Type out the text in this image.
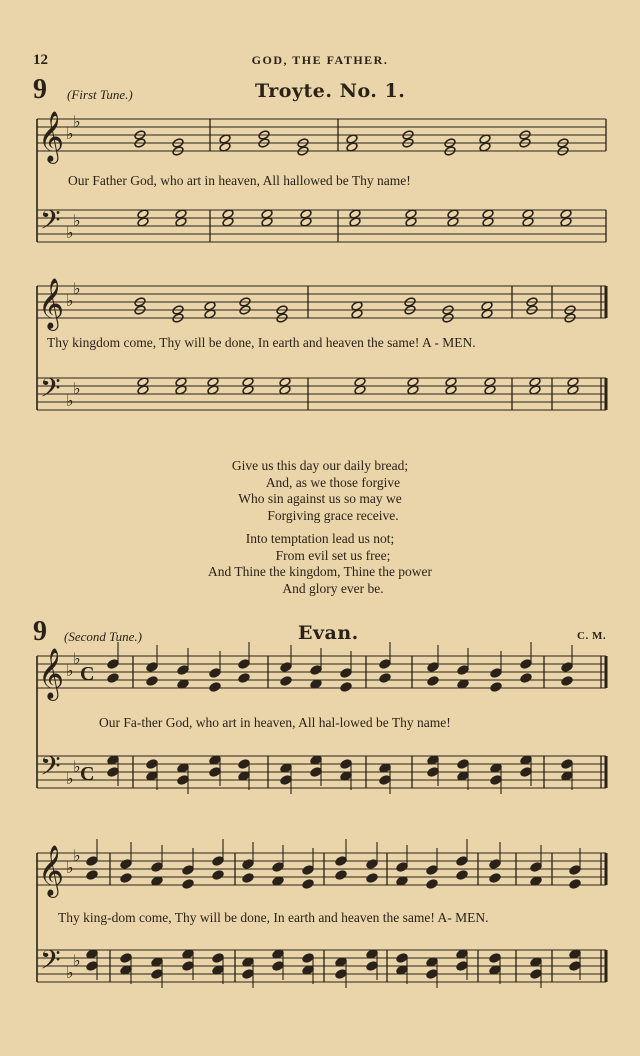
12	GOD, THE FATHER.
9 (First Tune.)	Troyte. No. 1.
𝄞
𝄢
♭
♭
♭
♭
𝄞
𝄢
♭
♭
♭
♭
𝄞
𝄢
♭
♭
♭
♭
C
C
𝄞
𝄢
♭
♭
♭
♭
Our Father God, who art in heaven, All hallowed be Thy name!
Thy kingdom come, Thy will be done, In earth and heaven the same! A - MEN.
Give us this day our daily bread;
And, as we those forgive
Who sin against us so may we
Forgiving grace receive.
Into temptation lead us not;
From evil set us free;
And Thine the kingdom, Thine the power
And glory ever be.
9 (Second Tune.)	Evan.	C. M.
Our Fa-ther God, who art in heaven, All hal-lowed be Thy name!
Thy king-dom come, Thy will be done, In earth and heaven the same! A- MEN.
